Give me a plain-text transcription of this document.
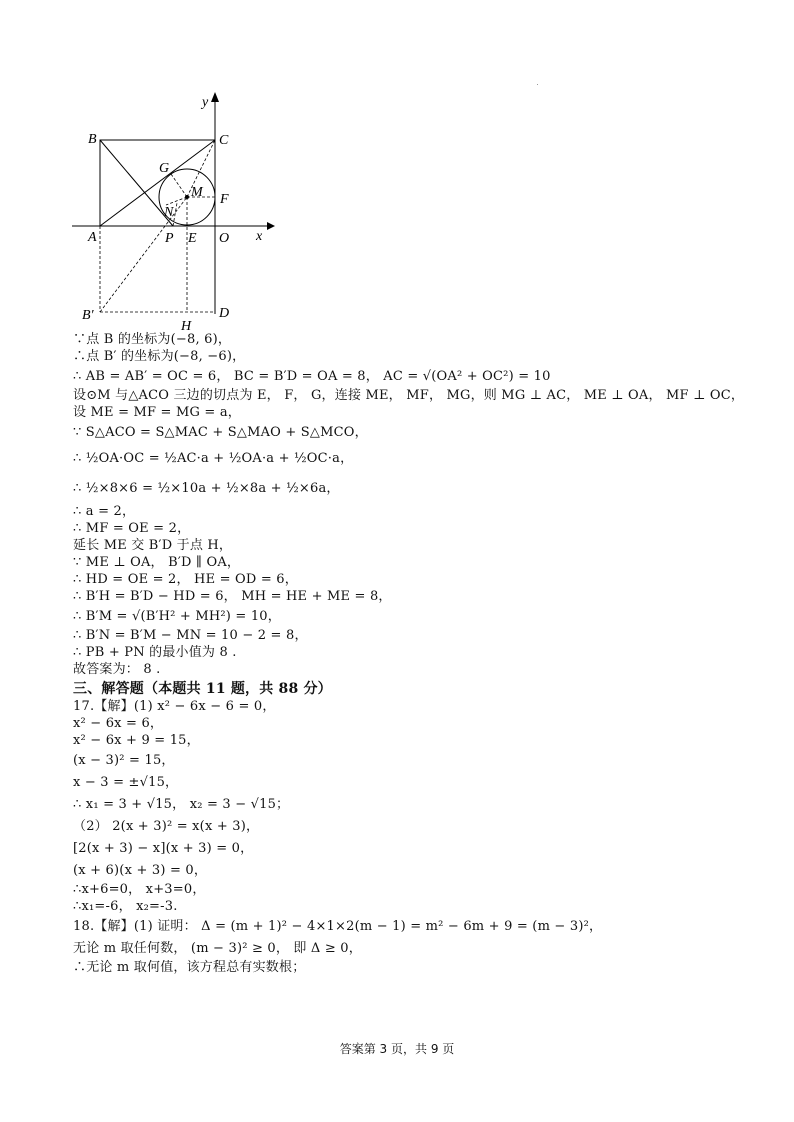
y
x
B	C
G
M F
N
A	P E O
B′
H
D
∵点 B 的坐标为(−8, 6)，
∴点 B′ 的坐标为(−8, −6)，
∴ AB = AB′ = OC = 6， BC = B′D = OA = 8， AC = √(OA² + OC²) = 10
设⊙M 与△ACO 三边的切点为 E， F， G，连接 ME， MF， MG，则 MG ⊥ AC， ME ⊥ OA， MF ⊥ OC，
设 ME = MF = MG = a，
∵ S△ACO = S△MAC + S△MAO + S△MCO，
∴ ½OA·OC = ½AC·a + ½OA·a + ½OC·a，
∴ ½×8×6 = ½×10a + ½×8a + ½×6a，
∴ a = 2，
∴ MF = OE = 2，
延长 ME 交 B′D 于点 H，
∵ ME ⊥ OA， B′D ∥ OA，
∴ HD = OE = 2， HE = OD = 6，
∴ B′H = B′D − HD = 6， MH = HE + ME = 8，
∴ B′M = √(B′H² + MH²) = 10，
∴ B′N = B′M − MN = 10 − 2 = 8，
∴ PB + PN 的最小值为 8 .
故答案为： 8 .
三、解答题（本题共 11 题，共 88 分）
17.【解】(1) x² − 6x − 6 = 0，
x² − 6x = 6，
x² − 6x + 9 = 15，
(x − 3)² = 15，
x − 3 = ±√15，
∴ x₁ = 3 + √15， x₂ = 3 − √15；
（2） 2(x + 3)² = x(x + 3)，
[2(x + 3) − x](x + 3) = 0，
(x + 6)(x + 3) = 0，
∴x+6=0， x+3=0，
∴x₁=-6， x₂=-3.
18.【解】(1) 证明： Δ = (m + 1)² − 4×1×2(m − 1) = m² − 6m + 9 = (m − 3)²，
无论 m 取任何数， (m − 3)² ≥ 0， 即 Δ ≥ 0，
∴无论 m 取何值，该方程总有实数根；
答案第 3 页，共 9 页
